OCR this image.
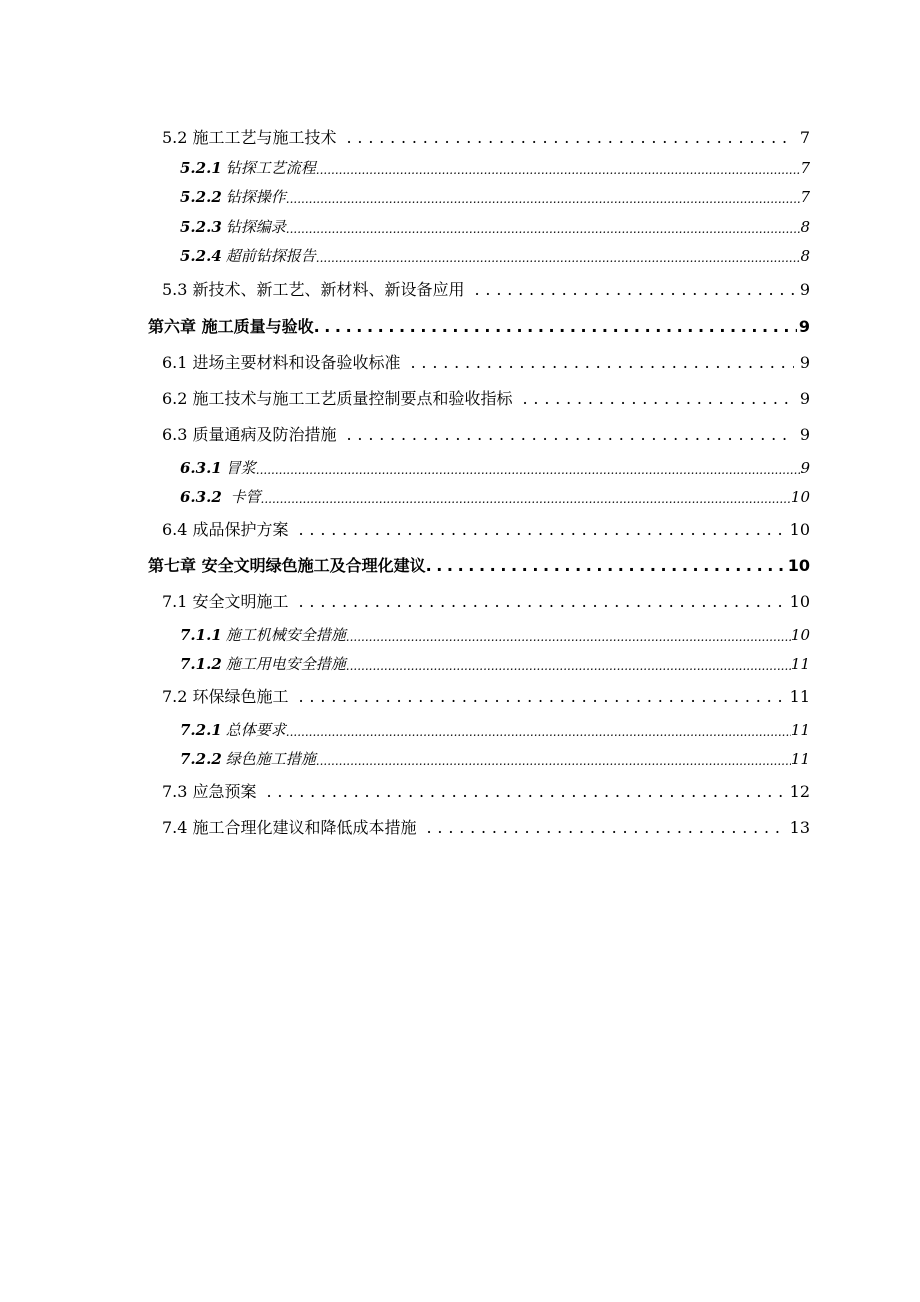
5.2 施工工艺与施工技术 .....	7
5.2.1 钻探工艺流程 .....	7
5.2.2 钻探操作 .....	7
5.2.3 钻探编录 .....	8
5.2.4 超前钻探报告 .....	8
5.3 新技术、新工艺、新材料、新设备应用 .....	9
第六章 施工质量与验收 .....	9
6.1 进场主要材料和设备验收标准 .....	9
6.2 施工技术与施工工艺质量控制要点和验收指标 .....	9
6.3 质量通病及防治措施 .....	9
6.3.1 冒浆 .....	9
6.3.2 卡管 .....	10
6.4 成品保护方案 .....	10
第七章 安全文明绿色施工及合理化建议 .....	10
7.1 安全文明施工 .....	10
7.1.1 施工机械安全措施 .....	10
7.1.2 施工用电安全措施 .....	11
7.2 环保绿色施工 .....	11
7.2.1 总体要求 .....	11
7.2.2 绿色施工措施 .....	11
7.3 应急预案 .....	12
7.4 施工合理化建议和降低成本措施 .....	13
